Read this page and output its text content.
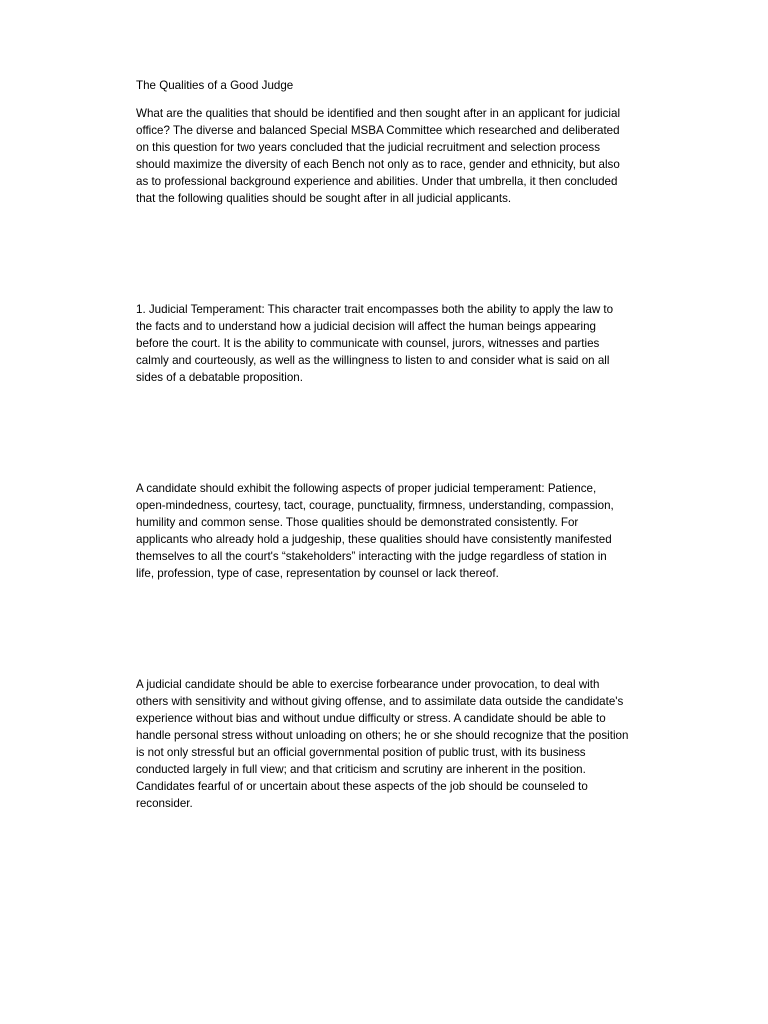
The Qualities of a Good Judge

What are the qualities that should be identified and then sought after in an applicant for judicial
office? The diverse and balanced Special MSBA Committee which researched and deliberated
on this question for two years concluded that the judicial recruitment and selection process
should maximize the diversity of each Bench not only as to race, gender and ethnicity, but also
as to professional background experience and abilities. Under that umbrella, it then concluded
that the following qualities should be sought after in all judicial applicants.

1. Judicial Temperament: This character trait encompasses both the ability to apply the law to
the facts and to understand how a judicial decision will affect the human beings appearing
before the court. It is the ability to communicate with counsel, jurors, witnesses and parties
calmly and courteously, as well as the willingness to listen to and consider what is said on all
sides of a debatable proposition.

A candidate should exhibit the following aspects of proper judicial temperament: Patience,
open-mindedness, courtesy, tact, courage, punctuality, firmness, understanding, compassion,
humility and common sense. Those qualities should be demonstrated consistently. For
applicants who already hold a judgeship, these qualities should have consistently manifested
themselves to all the court's “stakeholders” interacting with the judge regardless of station in
life, profession, type of case, representation by counsel or lack thereof.

A judicial candidate should be able to exercise forbearance under provocation, to deal with
others with sensitivity and without giving offense, and to assimilate data outside the candidate's
experience without bias and without undue difficulty or stress. A candidate should be able to
handle personal stress without unloading on others; he or she should recognize that the position
is not only stressful but an official governmental position of public trust, with its business
conducted largely in full view; and that criticism and scrutiny are inherent in the position.
Candidates fearful of or uncertain about these aspects of the job should be counseled to
reconsider.
